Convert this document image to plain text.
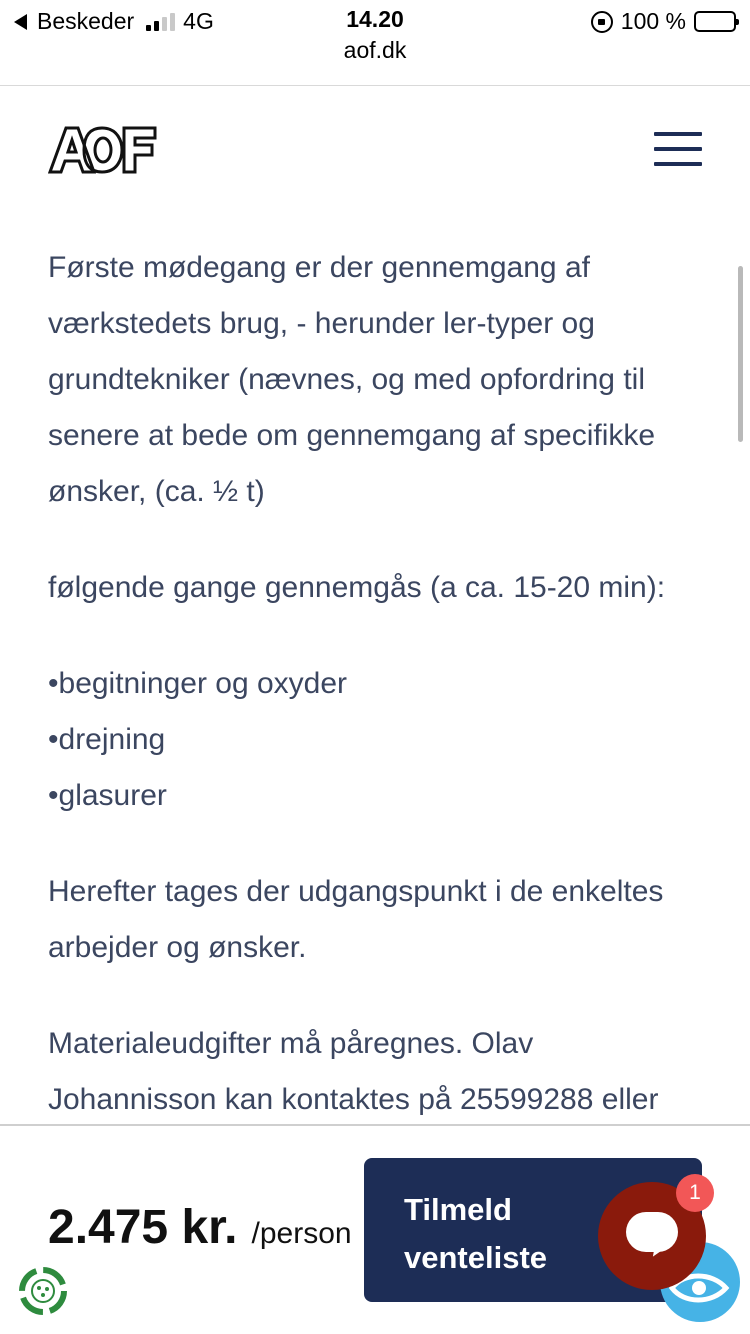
Beskeder 4G	14.20
aof.dk
100 %

Første mødegang er der gennemgang af værkstedets brug, - herunder ler-typer og grundtekniker (nævnes, og med opfordring til senere at bede om gennemgang af specifikke ønsker, (ca. ½ t)

følgende gange gennemgås (a ca. 15-20 min):

•begitninger og oxyder
•drejning
•glasurer

Herefter tages der udgangspunkt i de enkeltes arbejder og ønsker.

Materialeudgifter må påregnes. Olav Johannisson kan kontaktes på 25599288 eller

2.475 kr. /person
Tilmeld
venteliste
1
